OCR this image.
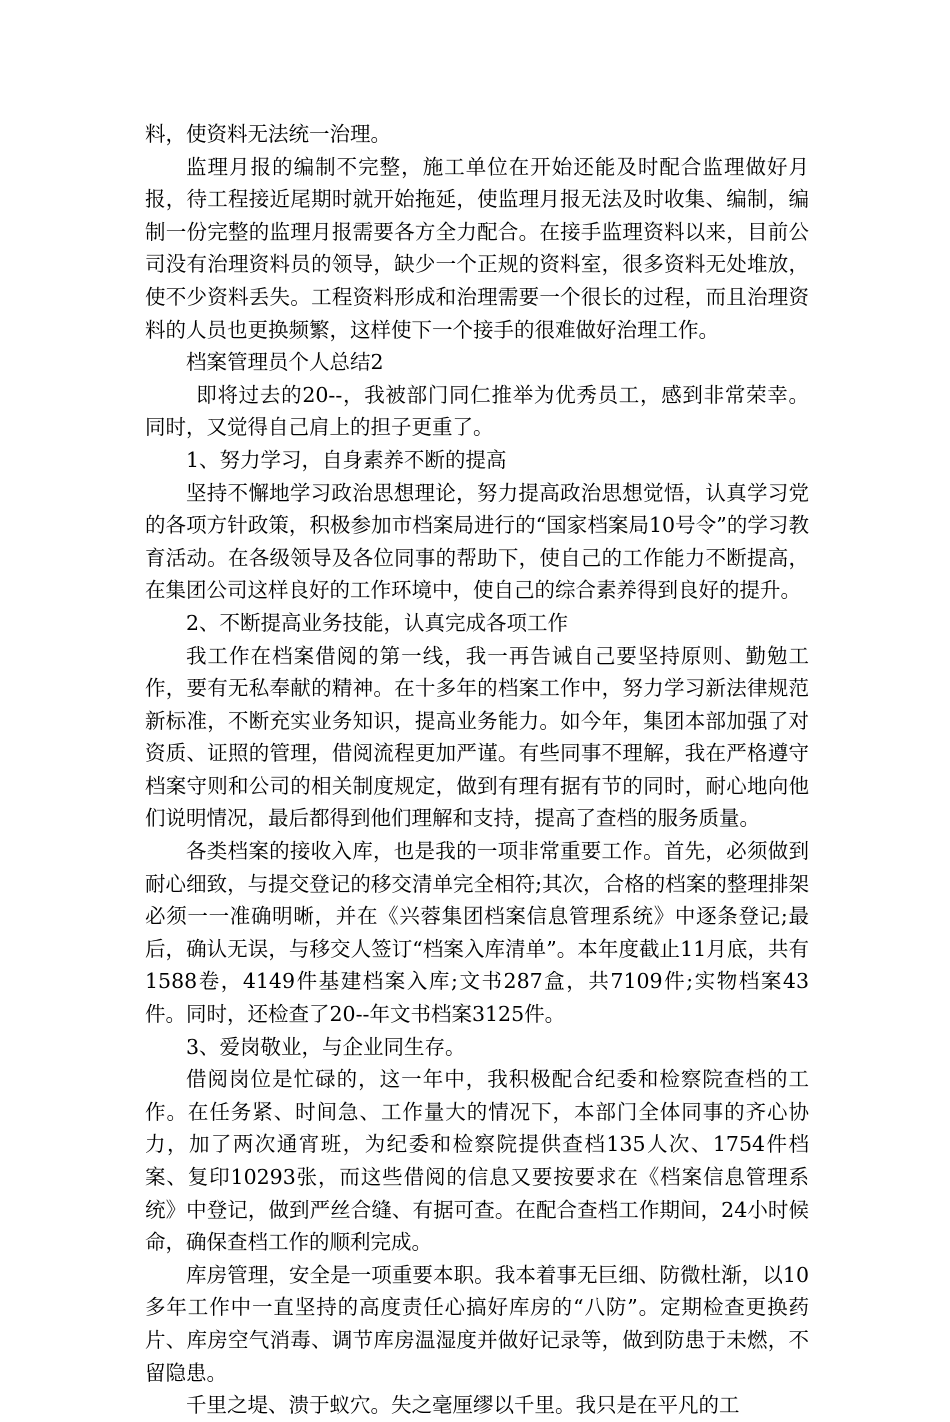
料，使资料无法统一治理。

监理月报的编制不完整，施工单位在开始还能及时配合监理做好月报，待工程接近尾期时就开始拖延，使监理月报无法及时收集、编制，编制一份完整的监理月报需要各方全力配合。在接手监理资料以来，目前公司没有治理资料员的领导，缺少一个正规的资料室，很多资料无处堆放，使不少资料丢失。工程资料形成和治理需要一个很长的过程，而且治理资料的人员也更换频繁，这样使下一个接手的很难做好治理工作。

档案管理员个人总结2

即将过去的20--，我被部门同仁推举为优秀员工，感到非常荣幸。同时，又觉得自己肩上的担子更重了。

1、努力学习，自身素养不断的提高

坚持不懈地学习政治思想理论，努力提高政治思想觉悟，认真学习党的各项方针政策，积极参加市档案局进行的“国家档案局10号令”的学习教育活动。在各级领导及各位同事的帮助下，使自己的工作能力不断提高，在集团公司这样良好的工作环境中，使自己的综合素养得到良好的提升。

2、不断提高业务技能，认真完成各项工作

我工作在档案借阅的第一线，我一再告诫自己要坚持原则、勤勉工作，要有无私奉献的精神。在十多年的档案工作中，努力学习新法律规范新标准，不断充实业务知识，提高业务能力。如今年，集团本部加强了对资质、证照的管理，借阅流程更加严谨。有些同事不理解，我在严格遵守档案守则和公司的相关制度规定，做到有理有据有节的同时，耐心地向他们说明情况，最后都得到他们理解和支持，提高了查档的服务质量。

各类档案的接收入库，也是我的一项非常重要工作。首先，必须做到耐心细致，与提交登记的移交清单完全相符;其次，合格的档案的整理排架必须一一准确明晰，并在《兴蓉集团档案信息管理系统》中逐条登记;最后，确认无误，与移交人签订“档案入库清单”。本年度截止11月底，共有1588卷，4149件基建档案入库;文书287盒，共7109件;实物档案43件。同时，还检查了20--年文书档案3125件。

3、爱岗敬业，与企业同生存。

借阅岗位是忙碌的，这一年中，我积极配合纪委和检察院查档的工作。在任务紧、时间急、工作量大的情况下，本部门全体同事的齐心协力，加了两次通宵班，为纪委和检察院提供查档135人次、1754件档案、复印10293张，而这些借阅的信息又要按要求在《档案信息管理系统》中登记，做到严丝合缝、有据可查。在配合查档工作期间，24小时候命，确保查档工作的顺利完成。

库房管理，安全是一项重要本职。我本着事无巨细、防微杜渐，以10多年工作中一直坚持的高度责任心搞好库房的“八防”。定期检查更换药片、库房空气消毒、调节库房温湿度并做好记录等，做到防患于未燃，不留隐患。

千里之堤、溃于蚁穴。失之毫厘缪以千里。我只是在平凡的工
